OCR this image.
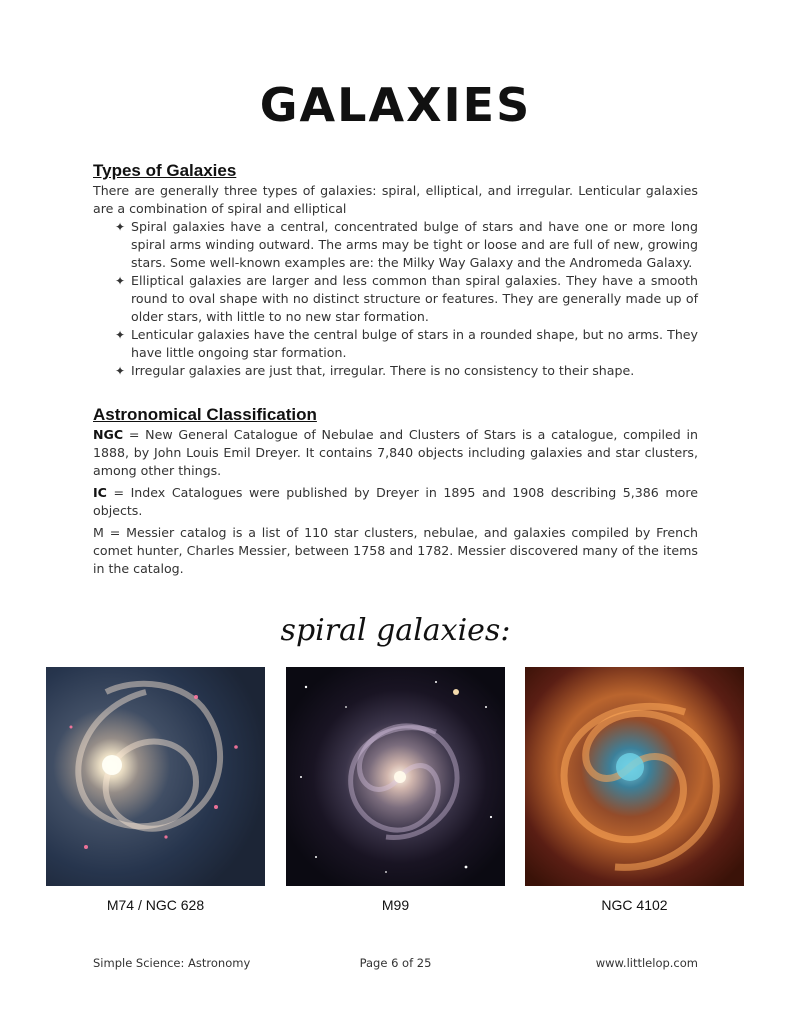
GALAXIES
Types of Galaxies

There are generally three types of galaxies: spiral, elliptical, and irregular. Lenticular galaxies are a combination of spiral and elliptical

✦ Spiral galaxies have a central, concentrated bulge of stars and have one or more long spiral arms winding outward. The arms may be tight or loose and are full of new, growing stars. Some well-known examples are: the Milky Way Galaxy and the Andromeda Galaxy.
✦ Elliptical galaxies are larger and less common than spiral galaxies. They have a smooth round to oval shape with no distinct structure or features. They are generally made up of older stars, with little to no new star formation.
✦ Lenticular galaxies have the central bulge of stars in a rounded shape, but no arms. They have little ongoing star formation.
✦ Irregular galaxies are just that, irregular. There is no consistency to their shape.
Astronomical Classification

NGC = New General Catalogue of Nebulae and Clusters of Stars is a catalogue, compiled in 1888, by John Louis Emil Dreyer. It contains 7,840 objects including galaxies and star clusters, among other things.

IC = Index Catalogues were published by Dreyer in 1895 and 1908 describing 5,386 more objects.

M = Messier catalog is a list of 110 star clusters, nebulae, and galaxies compiled by French comet hunter, Charles Messier, between 1758 and 1782. Messier discovered many of the items in the catalog.

spiral galaxies:
M74 / NGC 628	M99	NGC 4102
Simple Science: Astronomy	Page 6 of 25	www.littlelop.com
